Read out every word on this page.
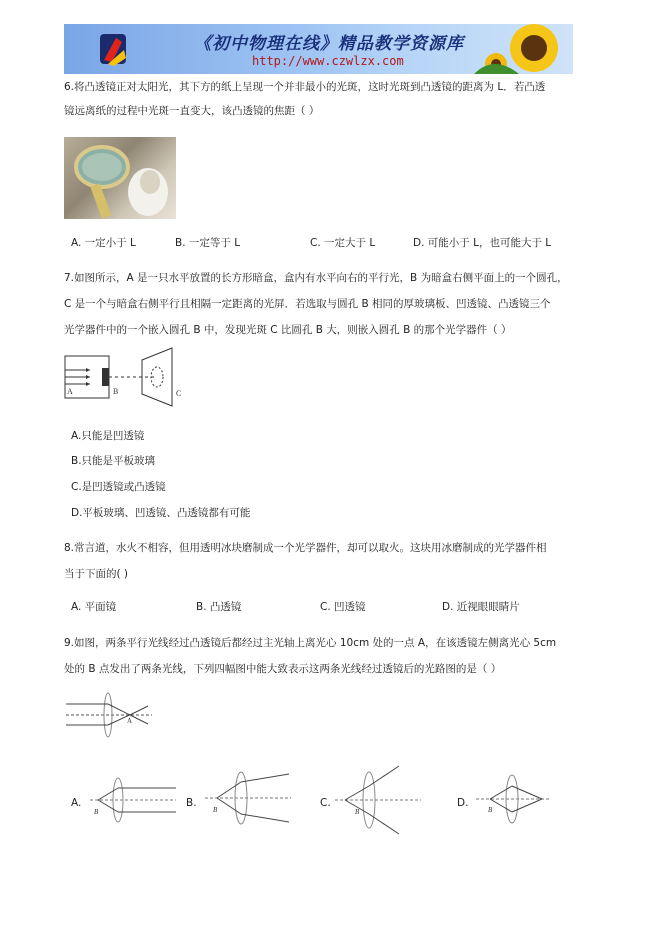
《初中物理在线》精品教学资源库
http://www.czwlzx.com
6.将凸透镜正对太阳光，其下方的纸上呈现一个并非最小的光斑，这时光斑到凸透镜的距离为 L．若凸透
镜远离纸的过程中光斑一直变大，该凸透镜的焦距（ ）
A. 一定小于 L	B. 一定等于 L	C. 一定大于 L	D. 可能小于 L，也可能大于 L
7.如图所示，A 是一只水平放置的长方形暗盒，盒内有水平向右的平行光，B 为暗盒右侧平面上的一个圆孔，
C 是一个与暗盒右侧平行且相隔一定距离的光屏．若选取与圆孔 B 相同的厚玻璃板、凹透镜、凸透镜三个
光学器件中的一个嵌入圆孔 B 中，发现光斑 C 比圆孔 B 大，则嵌入圆孔 B 的那个光学器件（ ）
A	B	C
A.只能是凹透镜
B.只能是平板玻璃
C.是凹透镜或凸透镜
D.平板玻璃、凹透镜、凸透镜都有可能
8.常言道，水火不相容，但用透明冰块磨制成一个光学器件，却可以取火。这块用冰磨制成的光学器件相
当于下面的( )
A. 平面镜	B. 凸透镜	C. 凹透镜	D. 近视眼眼睛片
9.如图，两条平行光线经过凸透镜后都经过主光轴上离光心 10cm 处的一点 A，在该透镜左侧离光心 5cm
处的 B 点发出了两条光线，下列四幅图中能大致表示这两条光线经过透镜后的光路图的是（ ）
A
A.
B
B.
B
C.
B
D.
B
